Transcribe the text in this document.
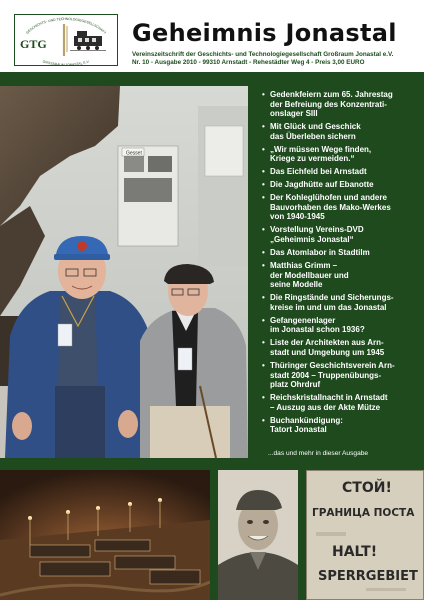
GESCHICHTS- UND TECHNOLOGIEGESELLSCHAFT
GROSSRAUM JONASTAL E.V.
GTG	Geheimnis Jonastal
Vereinszeitschrift der Geschichts- und Technologiegesellschaft Großraum Jonastal e.V.
Nr. 10 - Ausgabe 2010 - 99310 Arnstadt - Rehestädter Weg 4 - Preis 3,00 EURO
Gesset
• Gedenkfeiern zum 65. Jahrestag
der Befreiung des Konzentrati-
onslager SIII
• Mit Glück und Geschick
das Überleben sichern
• „Wir müssen Wege finden,
Kriege zu vermeiden.“
• Das Eichfeld bei Arnstadt
• Die Jagdhütte auf Ebanotte
• Der Kohleglühofen und andere
Bauvorhaben des Mako-Werkes
von 1940-1945
• Vorstellung Vereins-DVD
„Geheimnis Jonastal“
• Das Atomlabor in Stadtilm
• Matthias Grimm –
der Modellbauer und
seine Modelle
• Die Ringstände und Sicherungs-
kreise im und um das Jonastal
• Gefangenenlager
im Jonastal schon 1936?
• Liste der Architekten aus Arn-
stadt und Umgebung um 1945
• Thüringer Geschichtsverein Arn-
stadt 2004 – Truppenübungs-
platz Ohrdruf
• Reichskristallnacht in Arnstadt
– Auszug aus der Akte Mütze
• Buchankündigung:
Tatort Jonastal
...das und mehr in dieser Ausgabe
СТОЙ!
ГРАНИЦА ПОСТА
HALT!
SPERRGEBIET
